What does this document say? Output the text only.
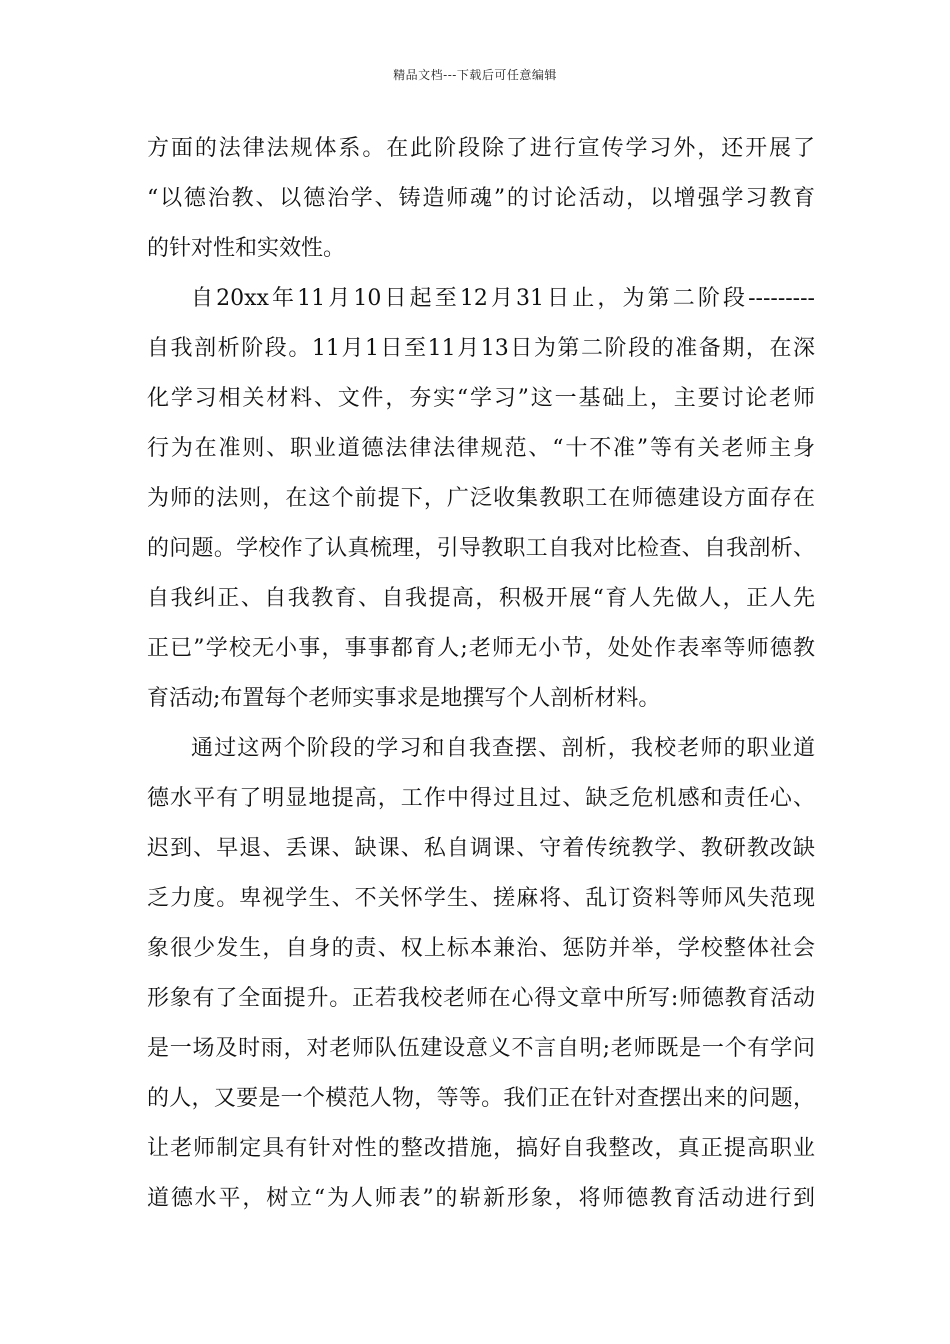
精品文档---下载后可任意编辑
方面的法律法规体系。在此阶段除了进行宣传学习外，还开展了
“以德治教、以德治学、铸造师魂”的讨论活动，以增强学习教育
的针对性和实效性。
自20xx年11月10日起至12月31日止，为第二阶段---------
自我剖析阶段。11月1日至11月13日为第二阶段的准备期，在深
化学习相关材料、文件，夯实“学习”这一基础上，主要讨论老师
行为在准则、职业道德法律法律规范、“十不准”等有关老师主身
为师的法则，在这个前提下，广泛收集教职工在师德建设方面存在
的问题。学校作了认真梳理，引导教职工自我对比检查、自我剖析、
自我纠正、自我教育、自我提高，积极开展“育人先做人，正人先
正已”学校无小事，事事都育人;老师无小节，处处作表率等师德教
育活动;布置每个老师实事求是地撰写个人剖析材料。
通过这两个阶段的学习和自我查摆、剖析，我校老师的职业道
德水平有了明显地提高，工作中得过且过、缺乏危机感和责任心、
迟到、早退、丢课、缺课、私自调课、守着传统教学、教研教改缺
乏力度。卑视学生、不关怀学生、搓麻将、乱订资料等师风失范现
象很少发生，自身的责、权上标本兼治、惩防并举，学校整体社会
形象有了全面提升。正若我校老师在心得文章中所写:师德教育活动
是一场及时雨，对老师队伍建设意义不言自明;老师既是一个有学问
的人，又要是一个模范人物，等等。我们正在针对查摆出来的问题，
让老师制定具有针对性的整改措施，搞好自我整改，真正提高职业
道德水平，树立“为人师表”的崭新形象，将师德教育活动进行到
